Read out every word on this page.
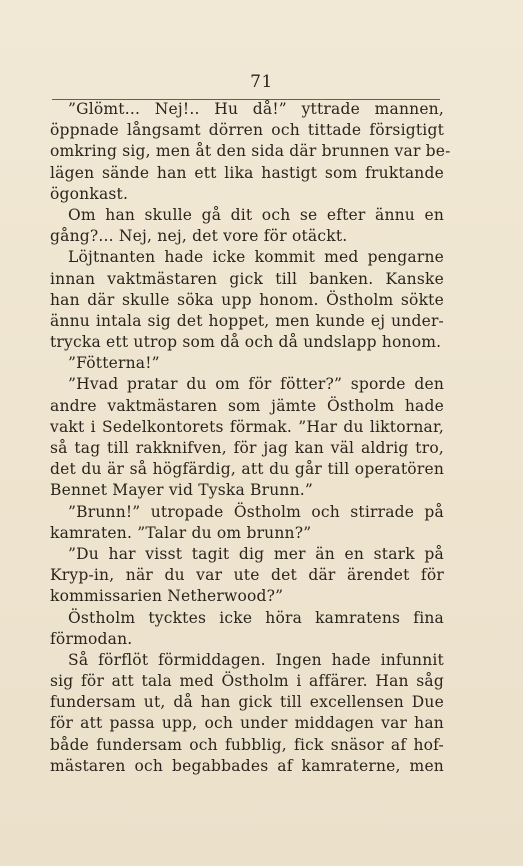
71
”Glömt... Nej!.. Hu då!” yttrade mannen,
öppnade långsamt dörren och tittade försigtigt
omkring sig, men åt den sida där brunnen var be-
lägen sände han ett lika hastigt som fruktande
ögonkast.
Om han skulle gå dit och se efter ännu en
gång?... Nej, nej, det vore för otäckt.
Löjtnanten hade icke kommit med pengarne
innan vaktmästaren gick till banken. Kanske
han där skulle söka upp honom. Östholm sökte
ännu intala sig det hoppet, men kunde ej under-
trycka ett utrop som då och då undslapp honom.
”Fötterna!”
”Hvad pratar du om för fötter?” sporde den
andre vaktmästaren som jämte Östholm hade
vakt i Sedelkontorets förmak. ”Har du liktornar,
så tag till rakknifven, för jag kan väl aldrig tro,
det du är så högfärdig, att du går till operatören
Bennet Mayer vid Tyska Brunn.”
”Brunn!” utropade Östholm och stirrade på
kamraten. ”Talar du om brunn?”
”Du har visst tagit dig mer än en stark på
Kryp-in, när du var ute det där ärendet för
kommissarien Netherwood?”
Östholm tycktes icke höra kamratens fina
förmodan.
Så förflöt förmiddagen. Ingen hade infunnit
sig för att tala med Östholm i affärer. Han såg
fundersam ut, då han gick till excellensen Due
för att passa upp, och under middagen var han
både fundersam och fubblig, fick snäsor af hof-
mästaren och begabbades af kamraterne, men
